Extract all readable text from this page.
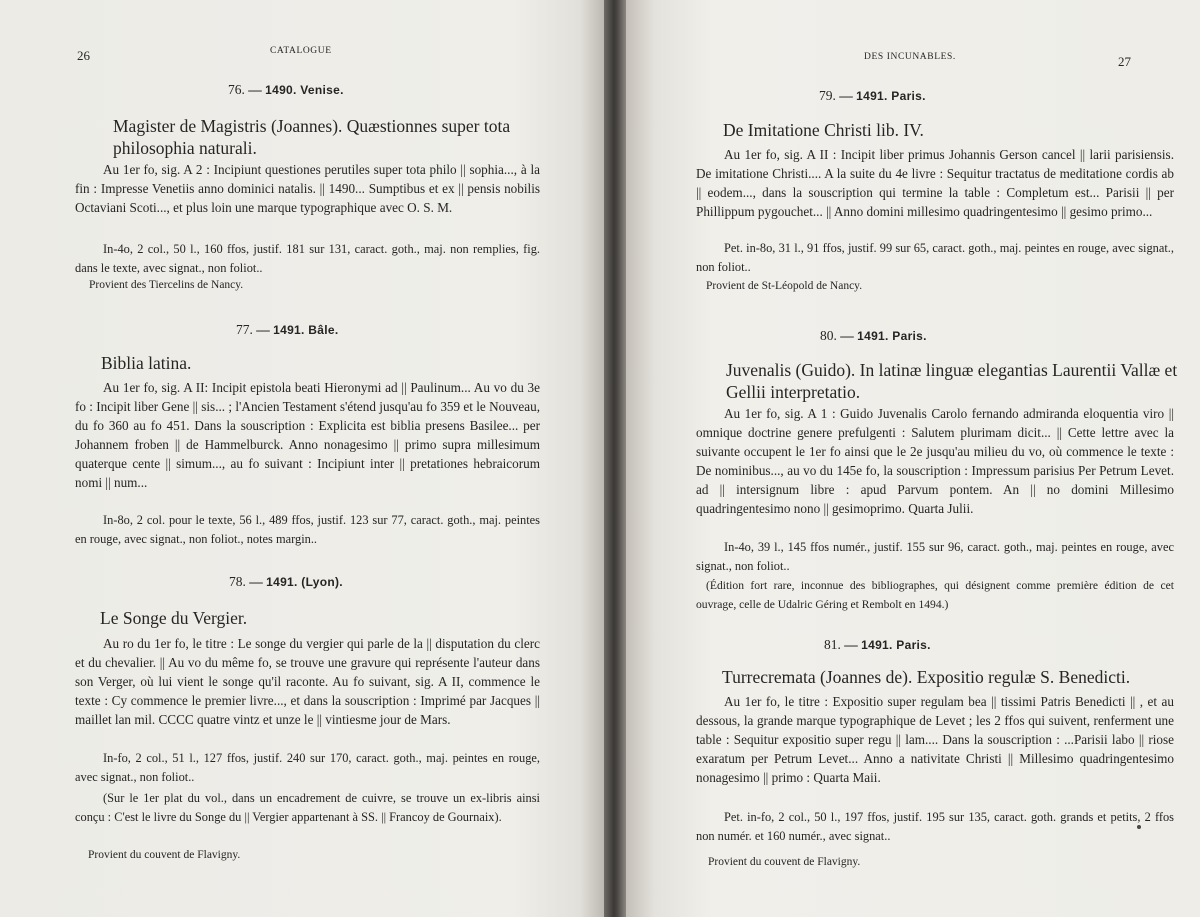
26	CATALOGUE
76. — 1490. Venise.
Magister de Magistris (Joannes). Quæstionnes super tota philosophia naturali.
Au 1er fo, sig. A 2 : Incipiunt questiones perutiles super tota philo || sophia..., à la fin : Impresse Venetiis anno dominici natalis. || 1490... Sumptibus et ex || pensis nobilis Octaviani Scoti..., et plus loin une marque typographique avec O. S. M.
In-4o, 2 col., 50 l., 160 ffos, justif. 181 sur 131, caract. goth., maj. non remplies, fig. dans le texte, avec signat., non foliot..
Provient des Tiercelins de Nancy.
77. — 1491. Bâle.
Biblia latina.
Au 1er fo, sig. A II: Incipit epistola beati Hieronymi ad || Paulinum... Au vo du 3e fo : Incipit liber Gene || sis... ; l'Ancien Testament s'étend jusqu'au fo 359 et le Nouveau, du fo 360 au fo 451. Dans la souscription : Explicita est biblia presens Basilee... per Johannem froben || de Hammelburck. Anno nonagesimo || primo supra millesimum quaterque cente || simum..., au fo suivant : Incipiunt inter || pretationes hebraicorum nomi || num...
In-8o, 2 col. pour le texte, 56 l., 489 ffos, justif. 123 sur 77, caract. goth., maj. peintes en rouge, avec signat., non foliot., notes margin..
78. — 1491. (Lyon).
Le Songe du Vergier.
Au ro du 1er fo, le titre : Le songe du vergier qui parle de la || disputation du clerc et du chevalier. || Au vo du même fo, se trouve une gravure qui représente l'auteur dans son Verger, où lui vient le songe qu'il raconte. Au fo suivant, sig. A II, commence le texte : Cy commence le premier livre..., et dans la souscription : Imprimé par Jacques || maillet lan mil. CCCC quatre vintz et unze le || vintiesme jour de Mars.
In-fo, 2 col., 51 l., 127 ffos, justif. 240 sur 170, caract. goth., maj. peintes en rouge, avec signat., non foliot..
(Sur le 1er plat du vol., dans un encadrement de cuivre, se trouve un ex-libris ainsi conçu : C'est le livre du Songe du || Vergier appartenant à SS. || Francoy de Gournaix).
Provient du couvent de Flavigny.
DES INCUNABLES.	27
79. — 1491. Paris.
De Imitatione Christi lib. IV.
Au 1er fo, sig. A II : Incipit liber primus Johannis Gerson cancel || larii parisiensis. De imitatione Christi.... A la suite du 4e livre : Sequitur tractatus de meditatione cordis ab || eodem..., dans la souscription qui termine la table : Completum est... Parisii || per Phillippum pygouchet... || Anno domini millesimo quadringentesimo || gesimo primo...
Pet. in-8o, 31 l., 91 ffos, justif. 99 sur 65, caract. goth., maj. peintes en rouge, avec signat., non foliot..
Provient de St-Léopold de Nancy.
80. — 1491. Paris.
Juvenalis (Guido). In latinæ linguæ elegantias Laurentii Vallæ et Gellii interpretatio.
Au 1er fo, sig. A 1 : Guido Juvenalis Carolo fernando admiranda eloquentia viro || omnique doctrine genere prefulgenti : Salutem plurimam dicit... || Cette lettre avec la suivante occupent le 1er fo ainsi que le 2e jusqu'au milieu du vo, où commence le texte : De nominibus..., au vo du 145e fo, la souscription : Impressum parisius Per Petrum Levet. ad || intersignum libre : apud Parvum pontem. An || no domini Millesimo quadringentesimo nono || gesimoprimo. Quarta Julii.
In-4o, 39 l., 145 ffos numér., justif. 155 sur 96, caract. goth., maj. peintes en rouge, avec signat., non foliot..
(Édition fort rare, inconnue des bibliographes, qui désignent comme première édition de cet ouvrage, celle de Udalric Géring et Rembolt en 1494.)
81. — 1491. Paris.
Turrecremata (Joannes de). Expositio regulæ S. Benedicti.
Au 1er fo, le titre : Expositio super regulam bea || tissimi Patris Benedicti || , et au dessous, la grande marque typographique de Levet ; les 2 ffos qui suivent, renferment une table : Sequitur expositio super regu || lam.... Dans la souscription : ...Parisii labo || riose exaratum per Petrum Levet... Anno a nativitate Christi || Millesimo quadringentesimo nonagesimo || primo : Quarta Maii.
Pet. in-fo, 2 col., 50 l., 197 ffos, justif. 195 sur 135, caract. goth. grands et petits, 2 ffos non numér. et 160 numér., avec signat..
Provient du couvent de Flavigny.
